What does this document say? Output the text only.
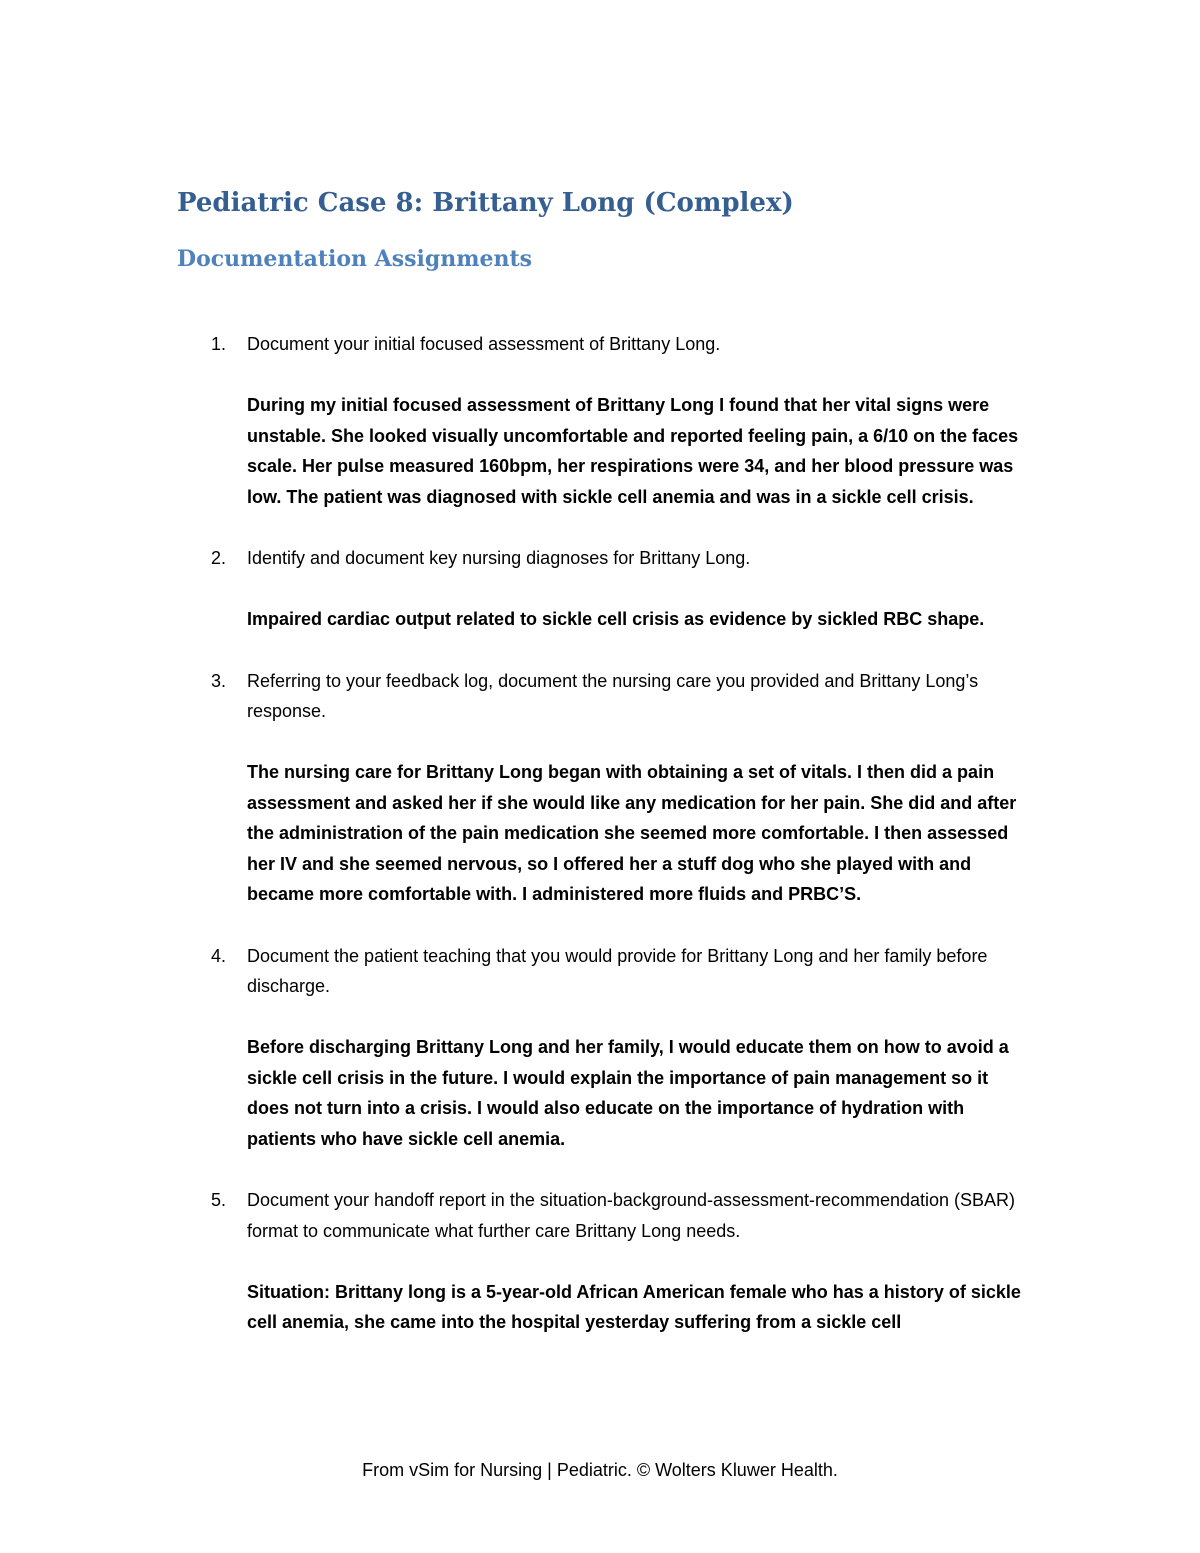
Pediatric Case 8: Brittany Long (Complex)
Documentation Assignments
1. Document your initial focused assessment of Brittany Long.

During my initial focused assessment of Brittany Long I found that her vital signs were unstable. She looked visually uncomfortable and reported feeling pain, a 6/10 on the faces scale. Her pulse measured 160bpm, her respirations were 34, and her blood pressure was low. The patient was diagnosed with sickle cell anemia and was in a sickle cell crisis.

2. Identify and document key nursing diagnoses for Brittany Long.

Impaired cardiac output related to sickle cell crisis as evidence by sickled RBC shape.

3. Referring to your feedback log, document the nursing care you provided and Brittany Long’s response.

The nursing care for Brittany Long began with obtaining a set of vitals. I then did a pain assessment and asked her if she would like any medication for her pain. She did and after the administration of the pain medication she seemed more comfortable. I then assessed her IV and she seemed nervous, so I offered her a stuff dog who she played with and became more comfortable with. I administered more fluids and PRBC’S.

4. Document the patient teaching that you would provide for Brittany Long and her family before discharge.

Before discharging Brittany Long and her family, I would educate them on how to avoid a sickle cell crisis in the future. I would explain the importance of pain management so it does not turn into a crisis. I would also educate on the importance of hydration with patients who have sickle cell anemia.

5. Document your handoff report in the situation-background-assessment-recommendation (SBAR) format to communicate what further care Brittany Long needs.

Situation: Brittany long is a 5-year-old African American female who has a history of sickle cell anemia, she came into the hospital yesterday suffering from a sickle cell

From vSim for Nursing | Pediatric. © Wolters Kluwer Health.
